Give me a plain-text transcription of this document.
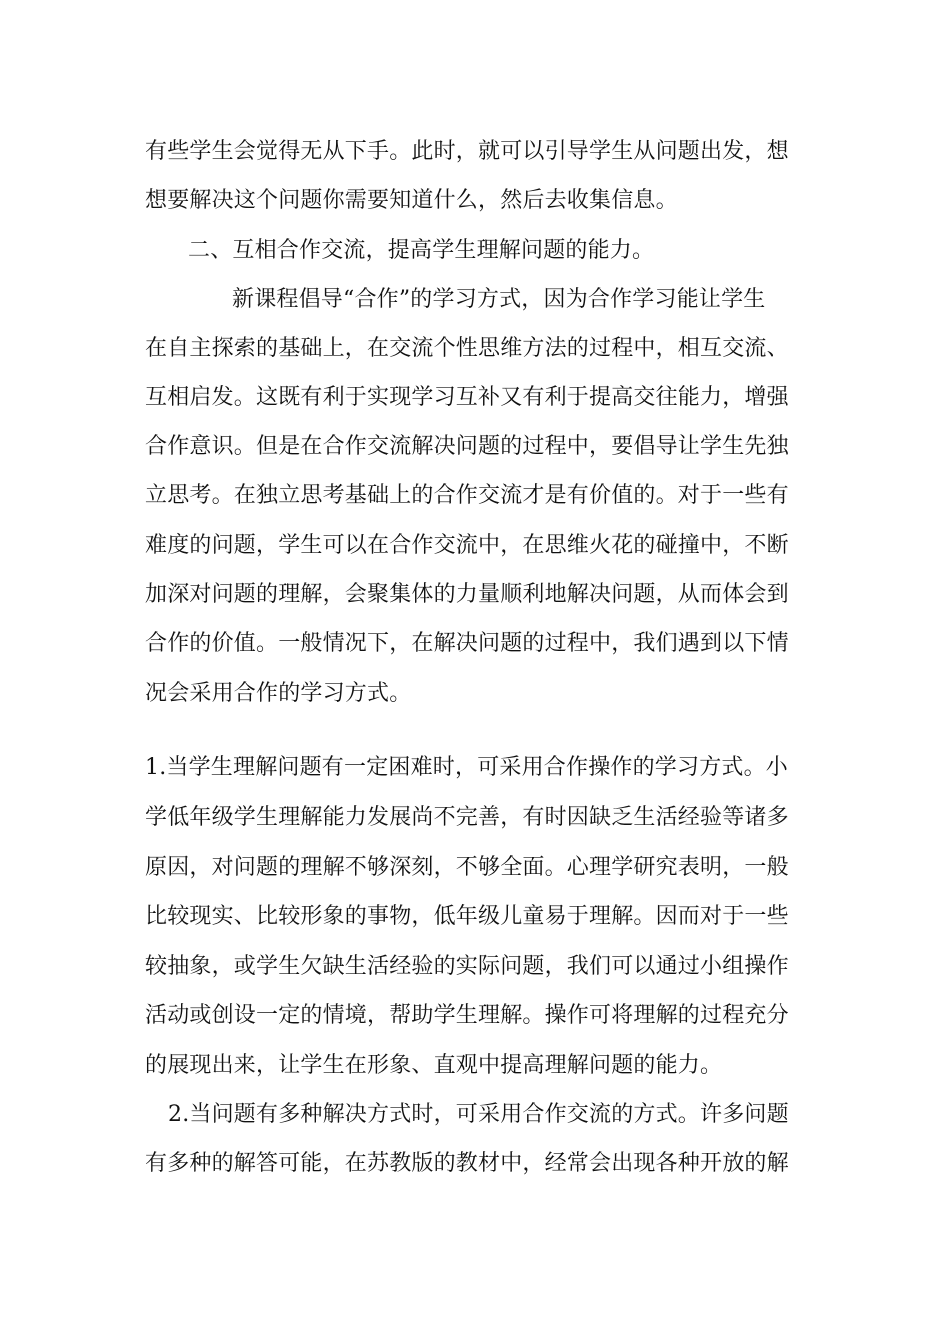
有些学生会觉得无从下手。此时，就可以引导学生从问题出发，想
想要解决这个问题你需要知道什么，然后去收集信息。
二、互相合作交流，提高学生理解问题的能力。
新课程倡导“合作”的学习方式，因为合作学习能让学生
在自主探索的基础上，在交流个性思维方法的过程中，相互交流、
互相启发。这既有利于实现学习互补又有利于提高交往能力，增强
合作意识。但是在合作交流解决问题的过程中，要倡导让学生先独
立思考。在独立思考基础上的合作交流才是有价值的。对于一些有
难度的问题，学生可以在合作交流中，在思维火花的碰撞中，不断
加深对问题的理解，会聚集体的力量顺利地解决问题，从而体会到
合作的价值。一般情况下，在解决问题的过程中，我们遇到以下情
况会采用合作的学习方式。
1.当学生理解问题有一定困难时，可采用合作操作的学习方式。小
学低年级学生理解能力发展尚不完善，有时因缺乏生活经验等诸多
原因，对问题的理解不够深刻，不够全面。心理学研究表明，一般
比较现实、比较形象的事物，低年级儿童易于理解。因而对于一些
较抽象，或学生欠缺生活经验的实际问题，我们可以通过小组操作
活动或创设一定的情境，帮助学生理解。操作可将理解的过程充分
的展现出来，让学生在形象、直观中提高理解问题的能力。
2.当问题有多种解决方式时，可采用合作交流的方式。许多问题
有多种的解答可能，在苏教版的教材中，经常会出现各种开放的解
